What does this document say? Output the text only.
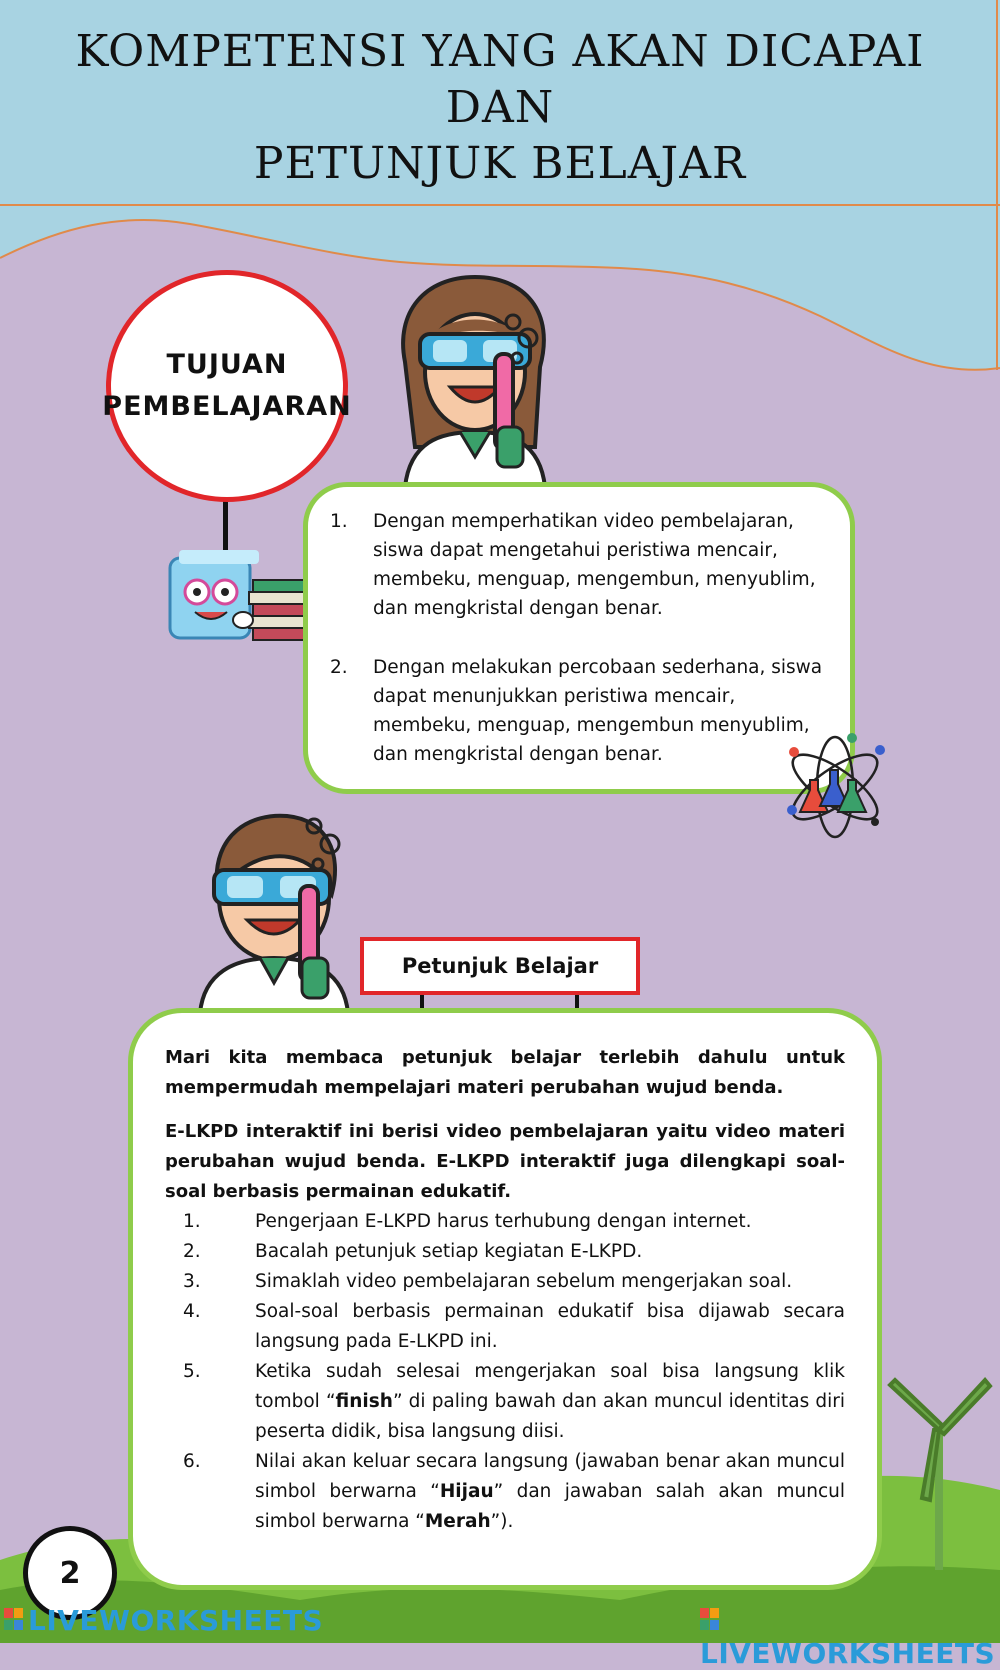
KOMPETENSI YANG AKAN DICAPAI
DAN
PETUNJUK BELAJAR
TUJUAN
PEMBELAJARAN
1. Dengan memperhatikan video pembelajaran, siswa dapat mengetahui peristiwa mencair, membeku, menguap, mengembun, menyublim, dan mengkristal dengan benar.
2. Dengan melakukan percobaan sederhana, siswa dapat menunjukkan peristiwa mencair, membeku, menguap, mengembun menyublim, dan mengkristal dengan benar.
Petunjuk Belajar
Mari kita membaca petunjuk belajar terlebih dahulu untuk mempermudah mempelajari materi perubahan wujud benda.
E-LKPD interaktif ini berisi video pembelajaran yaitu video materi perubahan wujud benda. E-LKPD interaktif juga dilengkapi soal-soal berbasis permainan edukatif.
1.	Pengerjaan E-LKPD harus terhubung dengan internet.
2.	Bacalah petunjuk setiap kegiatan E-LKPD.
3.	Simaklah video pembelajaran sebelum mengerjakan soal.
4.	Soal-soal berbasis permainan edukatif bisa dijawab secara langsung pada E-LKPD ini.
5.	Ketika sudah selesai mengerjakan soal bisa langsung klik tombol “finish” di paling bawah dan akan muncul identitas diri peserta didik, bisa langsung diisi.
6.	Nilai akan keluar secara langsung (jawaban benar akan muncul simbol berwarna “Hijau” dan jawaban salah akan muncul simbol berwarna “Merah”).
2
LIVEWORKSHEETS
LIVEWORKSHEETS
